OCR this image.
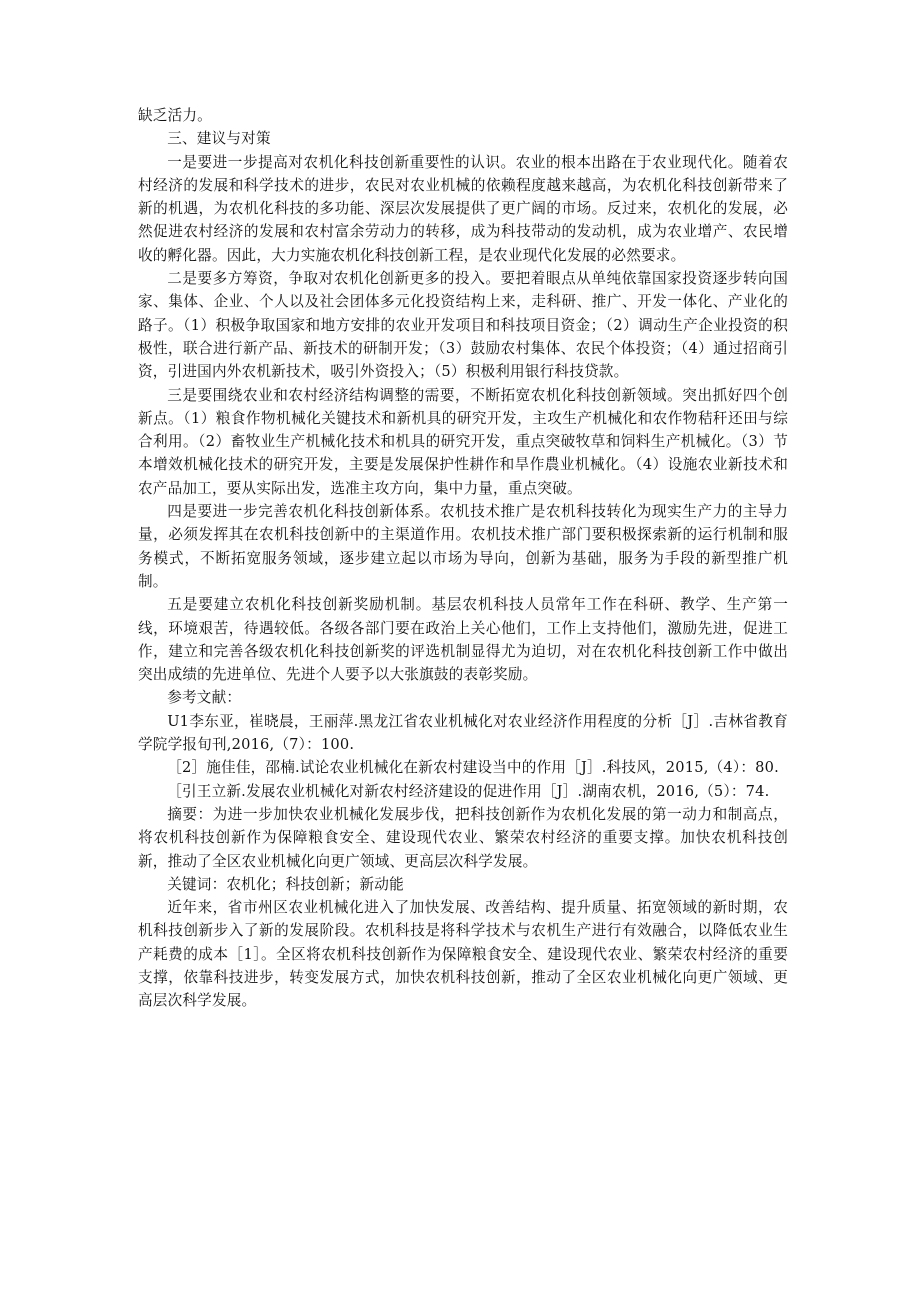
缺乏活力。

三、建议与对策

一是要进一步提高对农机化科技创新重要性的认识。农业的根本出路在于农业现代化。随着农村经济的发展和科学技术的进步，农民对农业机械的依赖程度越来越高，为农机化科技创新带来了新的机遇，为农机化科技的多功能、深层次发展提供了更广阔的市场。反过来，农机化的发展，必然促进农村经济的发展和农村富余劳动力的转移，成为科技带动的发动机，成为农业增产、农民增收的孵化器。因此，大力实施农机化科技创新工程，是农业现代化发展的必然要求。

二是要多方筹资，争取对农机化创新更多的投入。要把着眼点从单纯依靠国家投资逐步转向国家、集体、企业、个人以及社会团体多元化投资结构上来，走科研、推广、开发一体化、产业化的路子。（1）积极争取国家和地方安排的农业开发项目和科技项目资金；（2）调动生产企业投资的积极性，联合进行新产品、新技术的研制开发；（3）鼓励农村集体、农民个体投资；（4）通过招商引资，引进国内外农机新技术，吸引外资投入；（5）积极利用银行科技贷款。

三是要围绕农业和农村经济结构调整的需要，不断拓宽农机化科技创新领域。突出抓好四个创新点。（1）粮食作物机械化关键技术和新机具的研究开发，主攻生产机械化和农作物秸秆还田与综合利用。（2）畜牧业生产机械化技术和机具的研究开发，重点突破牧草和饲料生产机械化。（3）节本增效机械化技术的研究开发，主要是发展保护性耕作和旱作農业机械化。（4）设施农业新技术和农产品加工，要从实际出发，选准主攻方向，集中力量，重点突破。

四是要进一步完善农机化科技创新体系。农机技术推广是农机科技转化为现实生产力的主导力量，必须发挥其在农机科技创新中的主渠道作用。农机技术推广部门要积极探索新的运行机制和服务模式，不断拓宽服务领域，逐步建立起以市场为导向，创新为基础，服务为手段的新型推广机制。

五是要建立农机化科技创新奖励机制。基层农机科技人员常年工作在科研、教学、生产第一线，环境艰苦，待遇较低。各级各部门要在政治上关心他们，工作上支持他们，激励先进，促进工作，建立和完善各级农机化科技创新奖的评选机制显得尤为迫切，对在农机化科技创新工作中做出突出成绩的先进单位、先进个人要予以大张旗鼓的表彰奖励。

参考文献：

U1李东亚，崔晓晨，王丽萍.黑龙江省农业机械化对农业经济作用程度的分析［J］.吉林省教育学院学报旬刊,2016,（7）：100.

［2］施佳佳，邵楠.试论农业机械化在新农村建设当中的作用［J］.科技风，2015,（4）：80.

［引王立新.发展农业机械化对新农村经济建设的促进作用［J］.湖南农机，2016,（5）：74.

摘要：为进一步加快农业机械化发展步伐，把科技创新作为农机化发展的第一动力和制高点，将农机科技创新作为保障粮食安全、建设现代农业、繁荣农村经济的重要支撑。加快农机科技创新，推动了全区农业机械化向更广领域、更高层次科学发展。

关键词：农机化；科技创新；新动能

近年来，省市州区农业机械化进入了加快发展、改善结构、提升质量、拓宽领域的新时期，农机科技创新步入了新的发展阶段。农机科技是将科学技术与农机生产进行有效融合，以降低农业生产耗费的成本［1］。全区将农机科技创新作为保障粮食安全、建设现代农业、繁荣农村经济的重要支撑，依靠科技进步，转变发展方式，加快农机科技创新，推动了全区农业机械化向更广领域、更高层次科学发展。
